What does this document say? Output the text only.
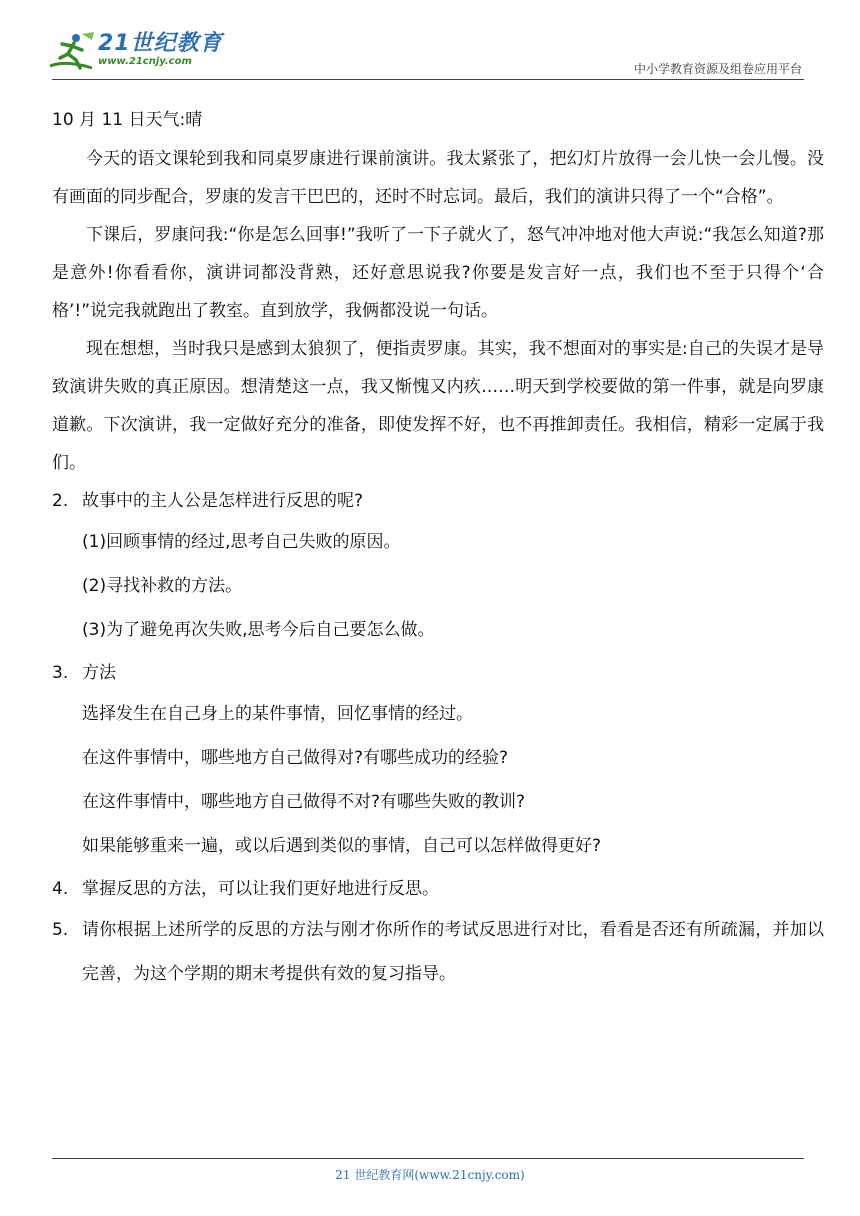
21世纪教育
www.21cnjy.com
中小学教育资源及组卷应用平台

10 月 11 日天气:晴

今天的语文课轮到我和同桌罗康进行课前演讲。我太紧张了，把幻灯片放得一会儿快一会儿慢。没有画面的同步配合，罗康的发言干巴巴的，还时不时忘词。最后，我们的演讲只得了一个“合格”。

下课后，罗康问我:“你是怎么回事!”我听了一下子就火了，怒气冲冲地对他大声说:“我怎么知道?那是意外!你看看你，演讲词都没背熟，还好意思说我?你要是发言好一点，我们也不至于只得个‘合格’!”说完我就跑出了教室。直到放学，我俩都没说一句话。

现在想想，当时我只是感到太狼狈了，便指责罗康。其实，我不想面对的事实是:自己的失误才是导致演讲失败的真正原因。想清楚这一点，我又惭愧又内疚……明天到学校要做的第一件事，就是向罗康道歉。下次演讲，我一定做好充分的准备，即使发挥不好，也不再推卸责任。我相信，精彩一定属于我们。

2. 故事中的主人公是怎样进行反思的呢?

(1)回顾事情的经过,思考自己失败的原因。

(2)寻找补救的方法。

(3)为了避免再次失败,思考今后自己要怎么做。

3. 方法

选择发生在自己身上的某件事情，回忆事情的经过。

在这件事情中，哪些地方自己做得对?有哪些成功的经验?

在这件事情中，哪些地方自己做得不对?有哪些失败的教训?

如果能够重来一遍，或以后遇到类似的事情，自己可以怎样做得更好?

4. 掌握反思的方法，可以让我们更好地进行反思。
5. 请你根据上述所学的反思的方法与刚才你所作的考试反思进行对比，看看是否还有所疏漏，并加以完善，为这个学期的期末考提供有效的复习指导。
21 世纪教育网(www.21cnjy.com)
